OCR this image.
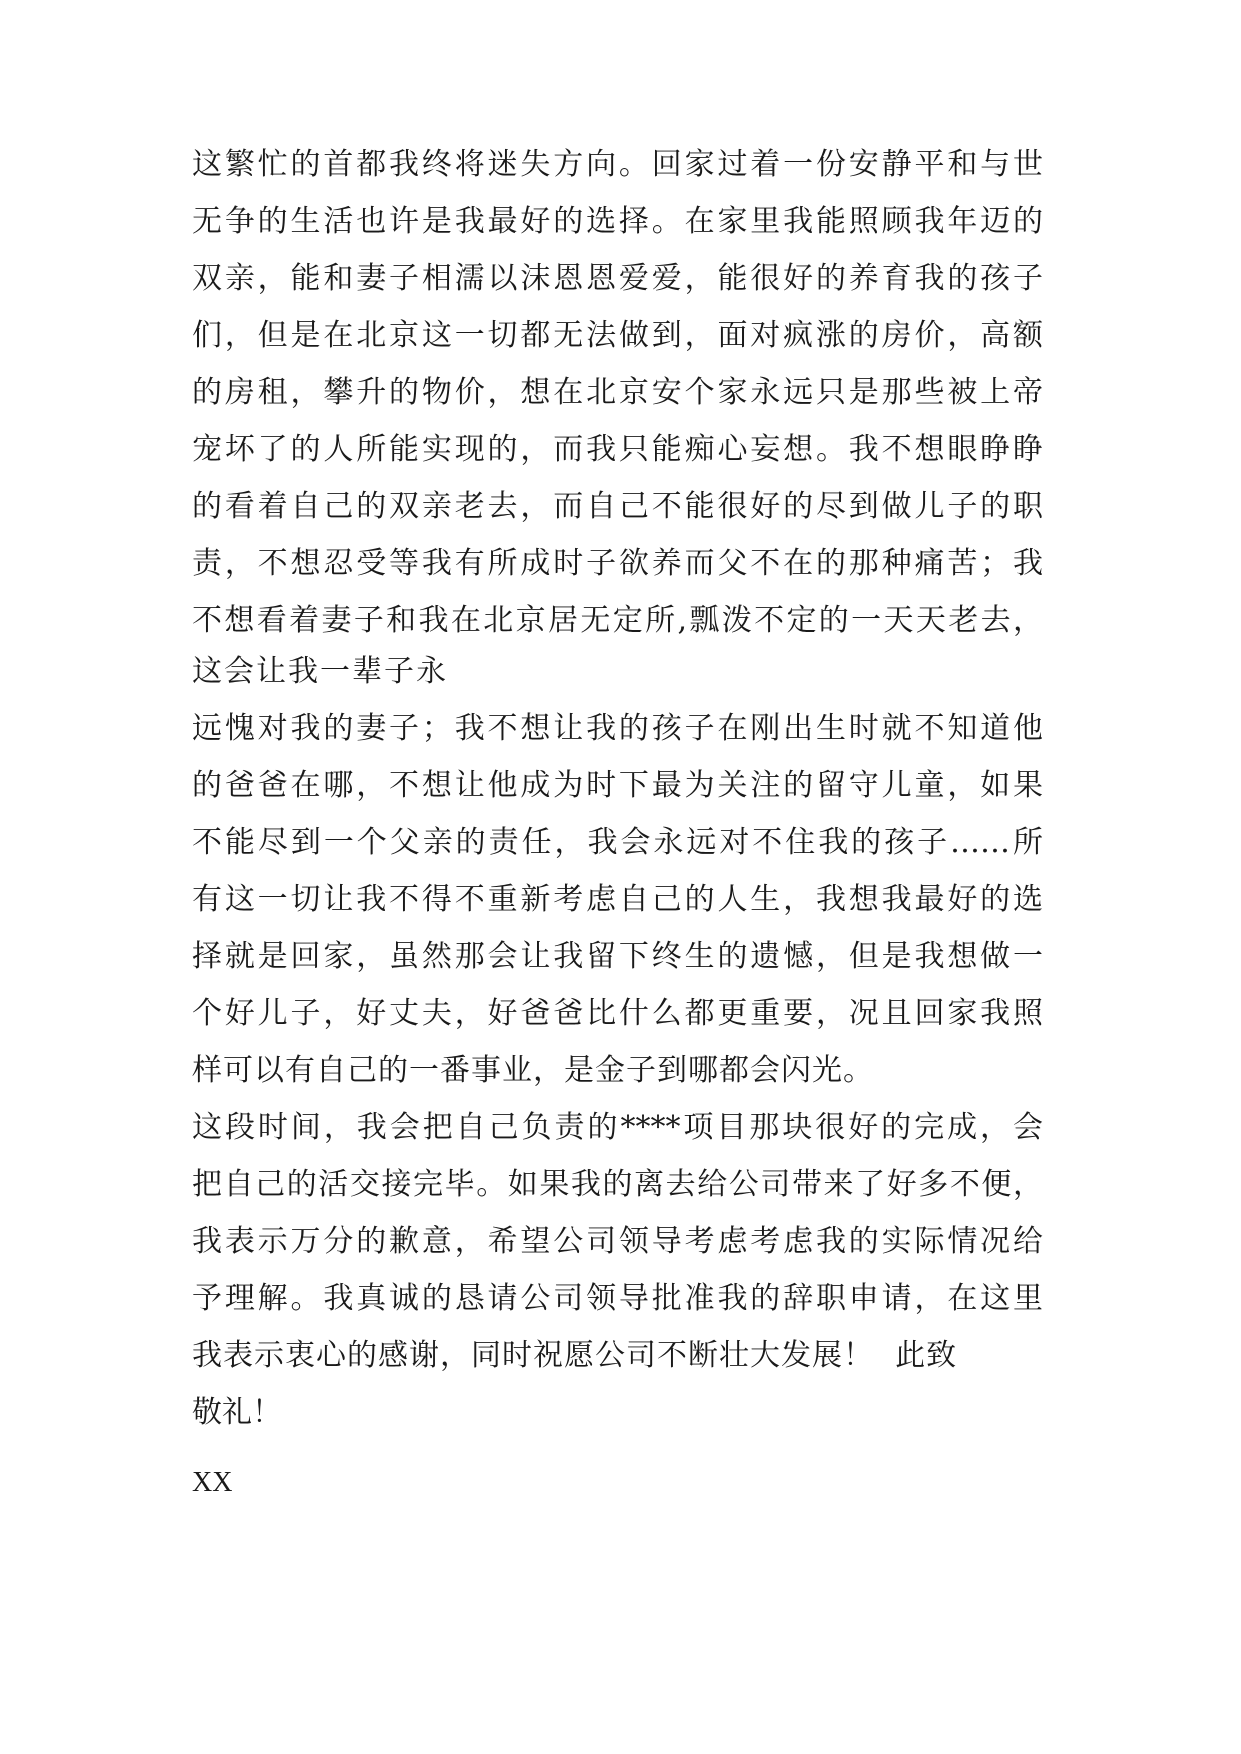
这繁忙的首都我终将迷失方向。回家过着一份安静平和与世
无争的生活也许是我最好的选择。在家里我能照顾我年迈的
双亲，能和妻子相濡以沫恩恩爱爱，能很好的养育我的孩子
们，但是在北京这一切都无法做到，面对疯涨的房价，高额
的房租，攀升的物价，想在北京安个家永远只是那些被上帝
宠坏了的人所能实现的，而我只能痴心妄想。我不想眼睁睁
的看着自己的双亲老去，而自己不能很好的尽到做儿子的职
责，不想忍受等我有所成时子欲养而父不在的那种痛苦；我
不想看着妻子和我在北京居无定所,瓢泼不定的一天天老去，
这会让我一辈子永
远愧对我的妻子；我不想让我的孩子在刚出生时就不知道他
的爸爸在哪，不想让他成为时下最为关注的留守儿童，如果
不能尽到一个父亲的责任，我会永远对不住我的孩子……所
有这一切让我不得不重新考虑自己的人生，我想我最好的选
择就是回家，虽然那会让我留下终生的遗憾，但是我想做一
个好儿子，好丈夫，好爸爸比什么都更重要，况且回家我照
样可以有自己的一番事业，是金子到哪都会闪光。
这段时间，我会把自己负责的****项目那块很好的完成，会
把自己的活交接完毕。如果我的离去给公司带来了好多不便，
我表示万分的歉意，希望公司领导考虑考虑我的实际情况给
予理解。我真诚的恳请公司领导批准我的辞职申请，在这里
我表示衷心的感谢，同时祝愿公司不断壮大发展！  此致
敬礼！
XX
